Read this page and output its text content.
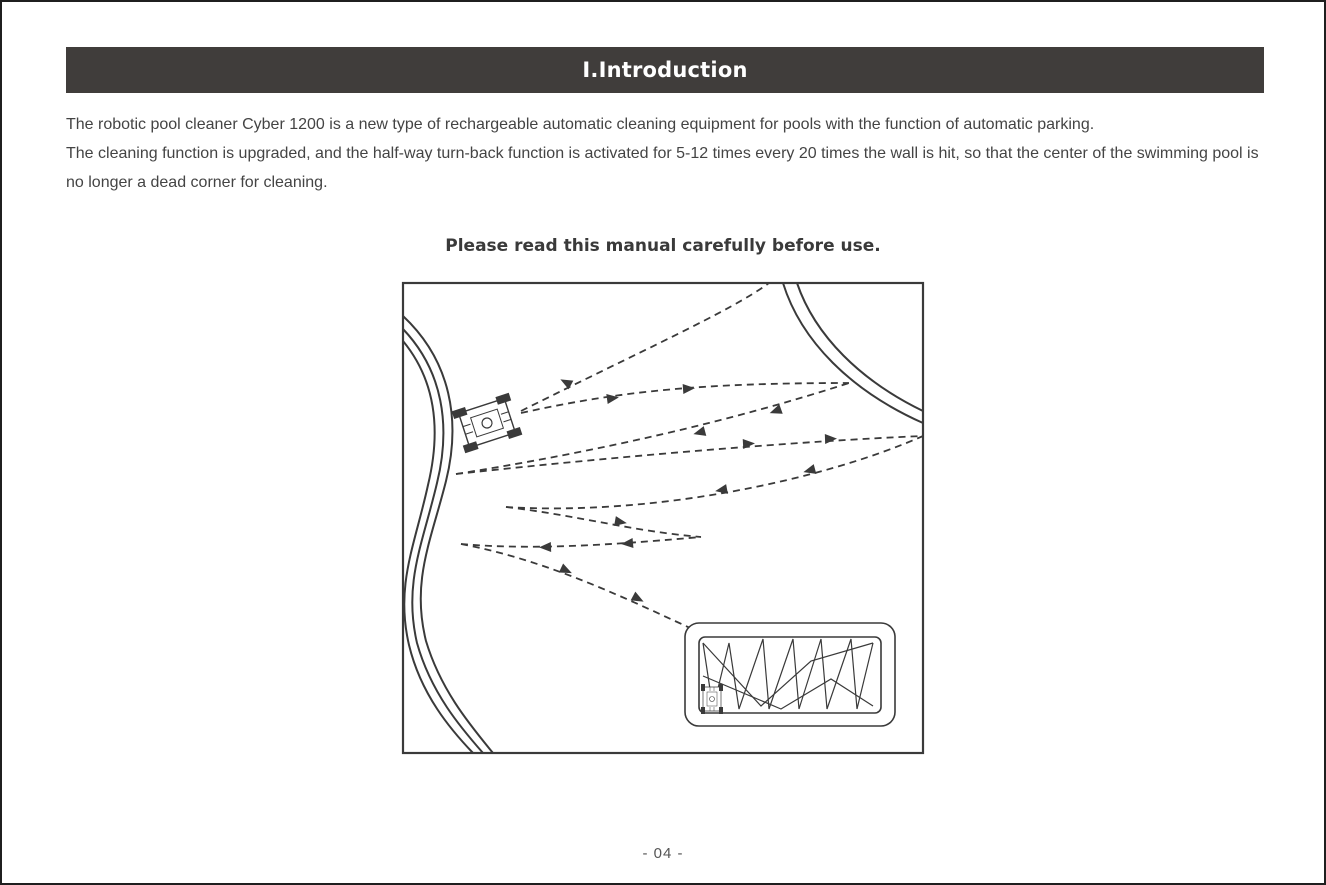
I.Introduction

The robotic pool cleaner Cyber 1200 is a new type of rechargeable automatic cleaning equipment for pools with the function of automatic parking.

The cleaning function is upgraded, and the half-way turn-back function is activated for 5-12 times every 20 times the wall is hit, so that the center of the swimming pool is no longer a dead corner for cleaning.

Please read this manual carefully before use.
- 04 -
